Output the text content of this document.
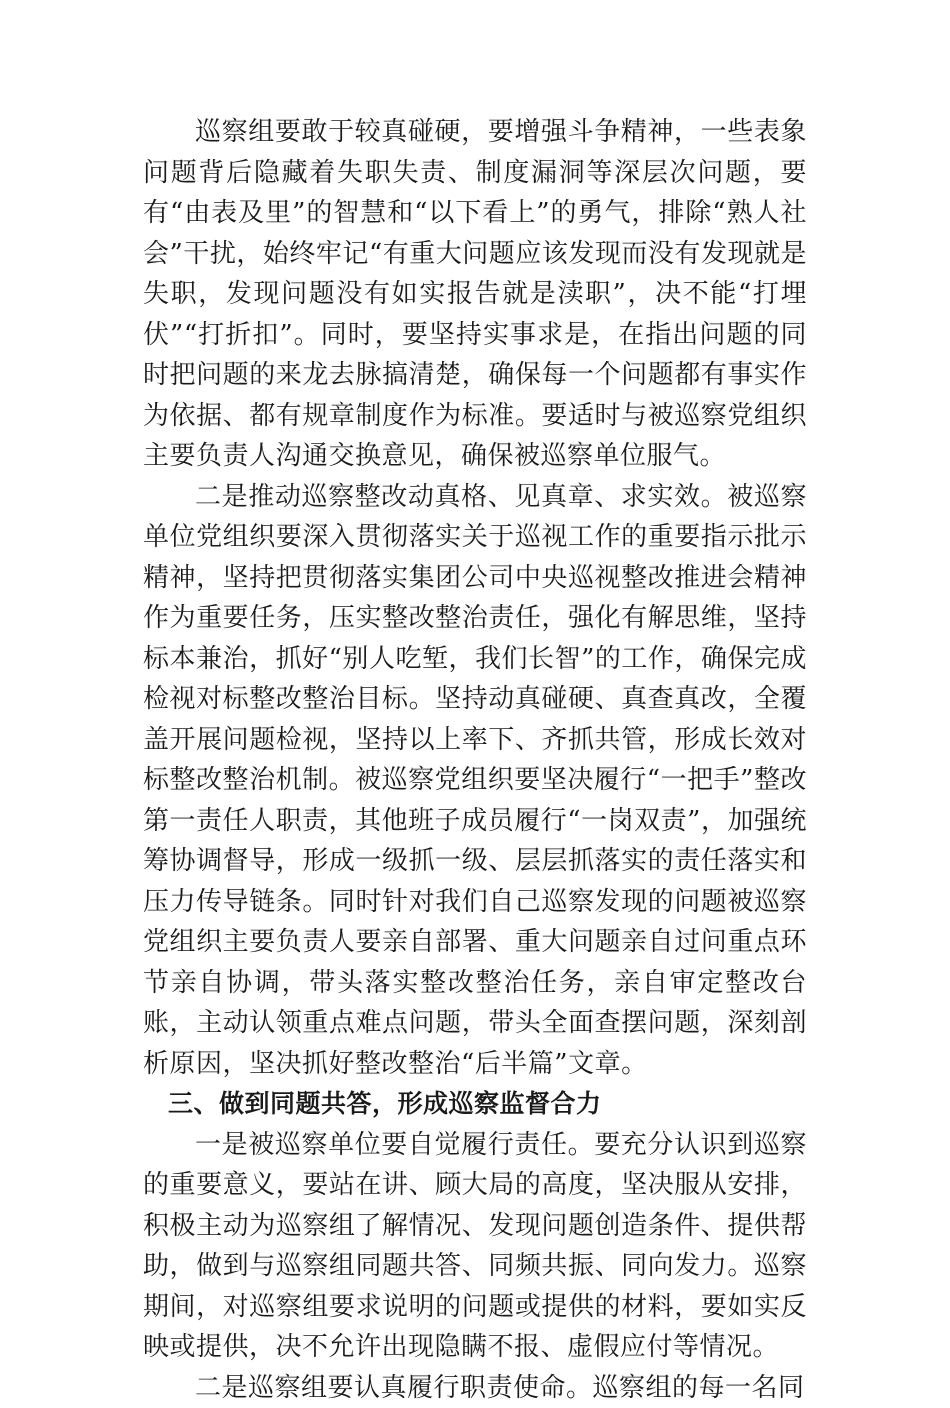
巡察组要敢于较真碰硬，要增强斗争精神，一些表象问题背后隐藏着失职失责、制度漏洞等深层次问题，要有“由表及里”的智慧和“以下看上”的勇气，排除“熟人社会”干扰，始终牢记“有重大问题应该发现而没有发现就是失职，发现问题没有如实报告就是渎职”，决不能“打埋伏”“打折扣”。同时，要坚持实事求是，在指出问题的同时把问题的来龙去脉搞清楚，确保每一个问题都有事实作为依据、都有规章制度作为标准。要适时与被巡察党组织主要负责人沟通交换意见，确保被巡察单位服气。

二是推动巡察整改动真格、见真章、求实效。被巡察单位党组织要深入贯彻落实关于巡视工作的重要指示批示精神，坚持把贯彻落实集团公司中央巡视整改推进会精神作为重要任务，压实整改整治责任，强化有解思维，坚持标本兼治，抓好“别人吃堑，我们长智”的工作，确保完成检视对标整改整治目标。坚持动真碰硬、真查真改，全覆盖开展问题检视，坚持以上率下、齐抓共管，形成长效对标整改整治机制。被巡察党组织要坚决履行“一把手”整改第一责任人职责，其他班子成员履行“一岗双责”，加强统筹协调督导，形成一级抓一级、层层抓落实的责任落实和压力传导链条。同时针对我们自己巡察发现的问题被巡察党组织主要负责人要亲自部署、重大问题亲自过问重点环节亲自协调，带头落实整改整治任务，亲自审定整改台账，主动认领重点难点问题，带头全面查摆问题，深刻剖析原因，坚决抓好整改整治“后半篇”文章。

三、做到同题共答，形成巡察监督合力

一是被巡察单位要自觉履行责任。要充分认识到巡察的重要意义，要站在讲、顾大局的高度，坚决服从安排，积极主动为巡察组了解情况、发现问题创造条件、提供帮助，做到与巡察组同题共答、同频共振、同向发力。巡察期间，对巡察组要求说明的问题或提供的材料，要如实反映或提供，决不允许出现隐瞒不报、虚假应付等情况。

二是巡察组要认真履行职责使命。巡察组的每一名同
